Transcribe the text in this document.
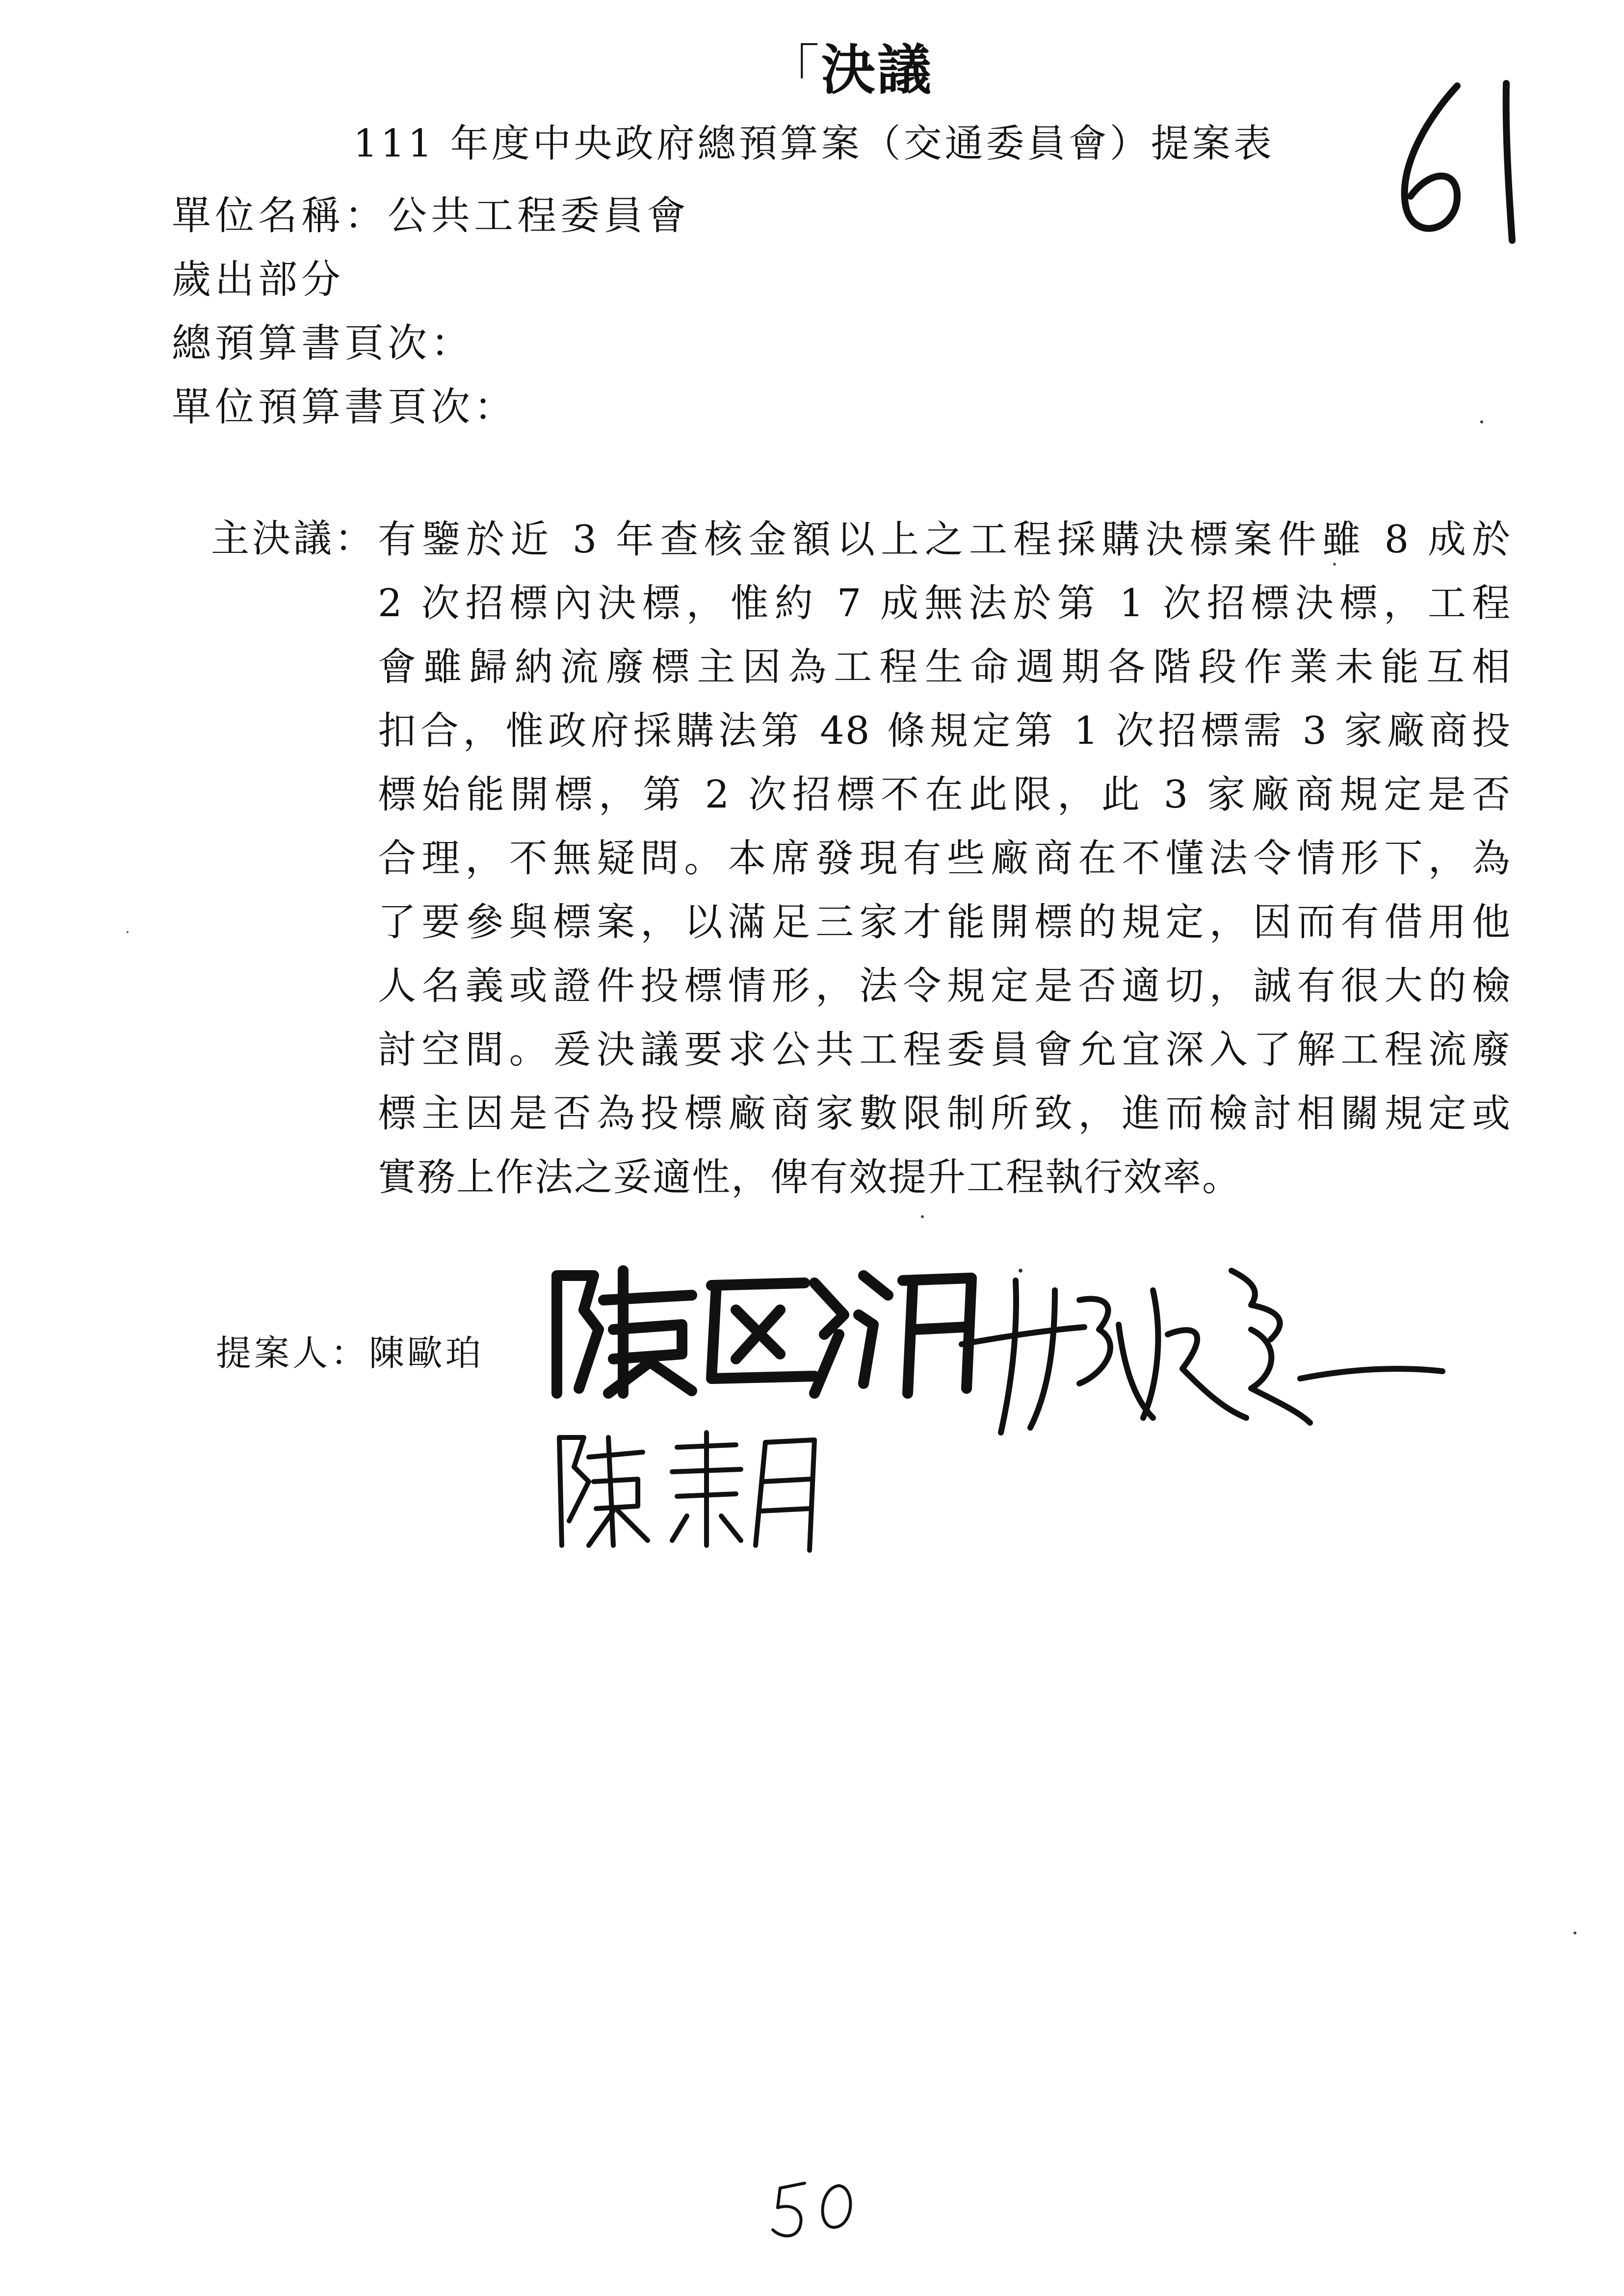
「決議
111 年度中央政府總預算案（交通委員會）提案表
單位名稱：公共工程委員會
歲出部分
總預算書頁次：
單位預算書頁次：
主決議： 有鑒於近 3 年查核金額以上之工程採購決標案件雖 8 成於
2 次招標內決標，惟約 7 成無法於第 1 次招標決標，工程
會雖歸納流廢標主因為工程生命週期各階段作業未能互相
扣合，惟政府採購法第 48 條規定第 1 次招標需 3 家廠商投
標始能開標，第 2 次招標不在此限，此 3 家廠商規定是否
合理，不無疑問。本席發現有些廠商在不懂法令情形下，為
了要參與標案，以滿足三家才能開標的規定，因而有借用他
人名義或證件投標情形，法令規定是否適切，誠有很大的檢
討空間。爰決議要求公共工程委員會允宜深入了解工程流廢
標主因是否為投標廠商家數限制所致，進而檢討相關規定或
實務上作法之妥適性，俾有效提升工程執行效率。
提案人：陳歐珀
